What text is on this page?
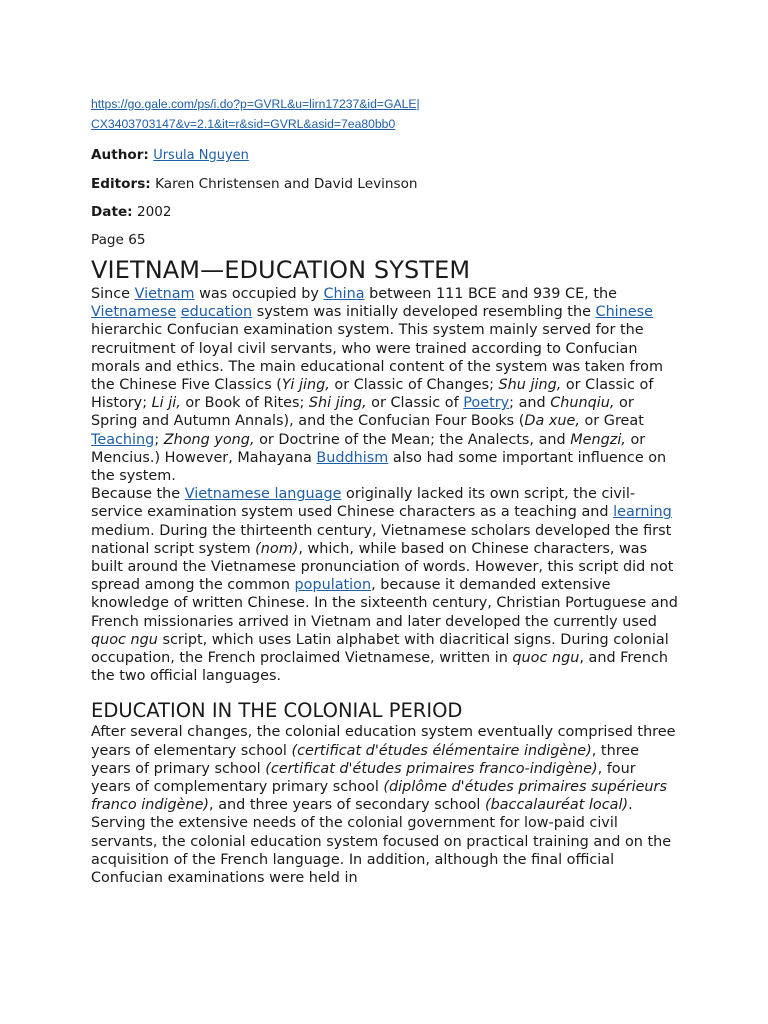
https://go.gale.com/ps/i.do?p=GVRL&u=lirn17237&id=GALE|
CX3403703147&v=2.1&it=r&sid=GVRL&asid=7ea80bb0

Author: Ursula Nguyen

Editors: Karen Christensen and David Levinson

Date: 2002

Page 65

VIETNAM—EDUCATION SYSTEM

Since Vietnam was occupied by China between 111 BCE and 939 CE, the Vietnamese education system was initially developed resembling the Chinese hierarchic Confucian examination system. This system mainly served for the recruitment of loyal civil servants, who were trained according to Confucian morals and ethics. The main educational content of the system was taken from the Chinese Five Classics (Yi jing, or Classic of Changes; Shu jing, or Classic of History; Li ji, or Book of Rites; Shi jing, or Classic of Poetry; and Chunqiu, or Spring and Autumn Annals), and the Confucian Four Books (Da xue, or Great Teaching; Zhong yong, or Doctrine of the Mean; the Analects, and Mengzi, or Mencius.) However, Mahayana Buddhism also had some important influence on the system.

Because the Vietnamese language originally lacked its own script, the civil-service examination system used Chinese characters as a teaching and learning medium. During the thirteenth century, Vietnamese scholars developed the first national script system (nom), which, while based on Chinese characters, was built around the Vietnamese pronunciation of words. However, this script did not spread among the common population, because it demanded extensive knowledge of written Chinese. In the sixteenth century, Christian Portuguese and French missionaries arrived in Vietnam and later developed the currently used quoc ngu script, which uses Latin alphabet with diacritical signs. During colonial occupation, the French proclaimed Vietnamese, written in quoc ngu, and French the two official languages.

EDUCATION IN THE COLONIAL PERIOD

After several changes, the colonial education system eventually comprised three years of elementary school (certificat d'études élémentaire indigène), three years of primary school (certificat d'études primaires franco-indigène), four years of complementary primary school (diplôme d'études primaires supérieurs franco indigène), and three years of secondary school (baccalauréat local). Serving the extensive needs of the colonial government for low-paid civil servants, the colonial education system focused on practical training and on the acquisition of the French language. In addition, although the final official Confucian examinations were held in
